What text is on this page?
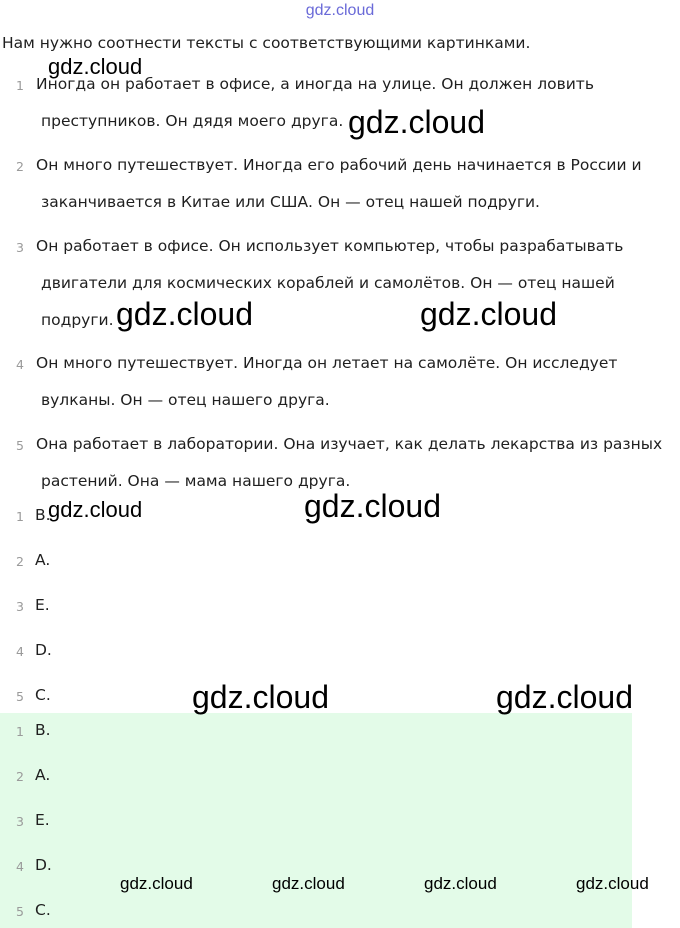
gdz.cloud
Нам нужно соотнести тексты с соответствующими картинками.
1 Иногда он работает в офисе, а иногда на улице. Он должен ловить
преступников. Он дядя моего друга.
2 Он много путешествует. Иногда его рабочий день начинается в России и
заканчивается в Китае или США. Он — отец нашей подруги.
3 Он работает в офисе. Он использует компьютер, чтобы разрабатывать
двигатели для космических кораблей и самолётов. Он — отец нашей
подруги.
4 Он много путешествует. Иногда он летает на самолёте. Он исследует
вулканы. Он — отец нашего друга.
5 Она работает в лаборатории. Она изучает, как делать лекарства из разных
растений. Она — мама нашего друга.
1 B.
2 A.
3 E.
4 D.
5 C.
1 B.
2 A.
3 E.
4 D.
5 C.
gdz.cloud
gdz.cloud
gdz.cloud	gdz.cloud
gdz.cloud	gdz.cloud
gdz.cloud	gdz.cloud
gdz.cloud	gdz.cloud	gdz.cloud	gdz.cloud
